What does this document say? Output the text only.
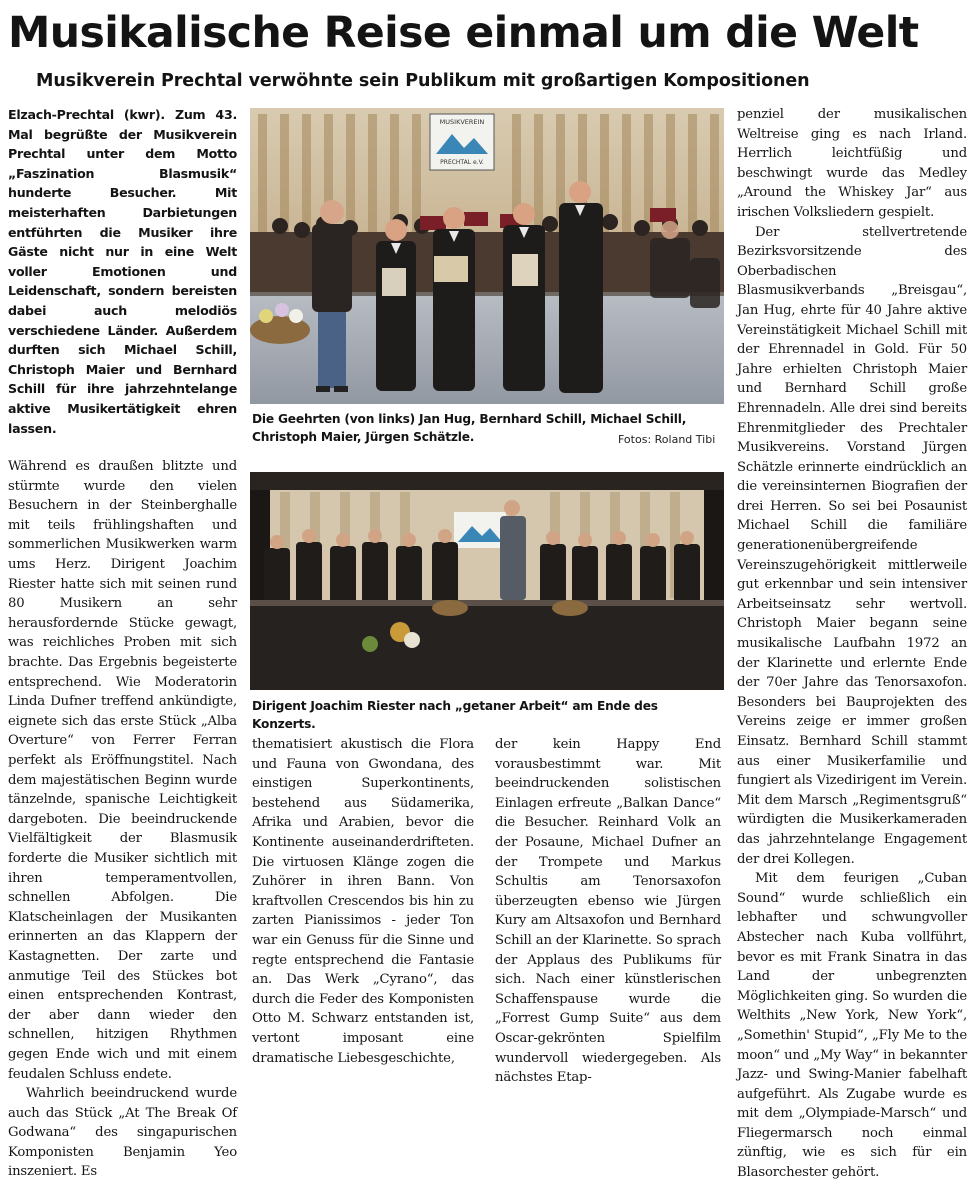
Musikalische Reise einmal um die Welt
Musikverein Prechtal verwöhnte sein Publikum mit großartigen Kompositionen

Elzach-Prechtal (kwr). Zum 43. Mal begrüßte der Musikverein Prechtal unter dem Motto „Faszination Blasmusik“ hunderte Besucher. Mit meisterhaften Darbietungen entführten die Musiker ihre Gäste nicht nur in eine Welt voller Emotionen und Leidenschaft, sondern bereisten dabei auch melodiös verschiedene Länder. Außerdem durften sich Michael Schill, Christoph Maier und Bernhard Schill für ihre jahrzehntelange aktive Musikertätigkeit ehren lassen.

Während es draußen blitzte und stürmte wurde den vielen Besuchern in der Steinberghalle mit teils frühlingshaften und sommerlichen Musikwerken warm ums Herz. Dirigent Joachim Riester hatte sich mit seinen rund 80 Musikern an sehr herausfordernde Stücke gewagt, was reichliches Proben mit sich brachte. Das Ergebnis begeisterte entsprechend. Wie Moderatorin Linda Dufner treffend ankündigte, eignete sich das erste Stück „Alba Overture“ von Ferrer Ferran perfekt als Eröffnungstitel. Nach dem majestätischen Beginn wurde tänzelnde, spanische Leichtigkeit dargeboten. Die beeindruckende Vielfältigkeit der Blasmusik forderte die Musiker sichtlich mit ihren temperamentvollen, schnellen Abfolgen. Die Klatscheinlagen der Musikanten erinnerten an das Klappern der Kastagnetten. Der zarte und anmutige Teil des Stückes bot einen entsprechenden Kontrast, der aber dann wieder den schnellen, hitzigen Rhythmen gegen Ende wich und mit einem feudalen Schluss endete.

Wahrlich beeindruckend wurde auch das Stück „At The Break Of Godwana“ des singapurischen Komponisten Benjamin Yeo inszeniert. Es

MUSIKVEREIN
PRECHTAL e.V.

Die Geehrten (von links) Jan Hug, Bernhard Schill, Michael Schill, Christoph Maier, Jürgen Schätzle.	Fotos: Roland Tibi

Dirigent Joachim Riester nach „getaner Arbeit“ am Ende des Konzerts.

thematisiert akustisch die Flora und Fauna von Gwondana, des einstigen Superkontinents, bestehend aus Südamerika, Afrika und Arabien, bevor die Kontinente auseinanderdrifteten. Die virtuosen Klänge zogen die Zuhörer in ihren Bann. Von kraftvollen Crescendos bis hin zu zarten Pianissimos - jeder Ton war ein Genuss für die Sinne und regte entsprechend die Fantasie an. Das Werk „Cyrano“, das durch die Feder des Komponisten Otto M. Schwarz entstanden ist, vertont imposant eine dramatische Liebesgeschichte,

der kein Happy End vorausbestimmt war. Mit beeindruckenden solistischen Einlagen erfreute „Balkan Dance“ die Besucher. Reinhard Volk an der Posaune, Michael Dufner an der Trompete und Markus Schultis am Tenorsaxofon überzeugten ebenso wie Jürgen Kury am Altsaxofon und Bernhard Schill an der Klarinette. So sprach der Applaus des Publikums für sich. Nach einer künstlerischen Schaffenspause wurde die „Forrest Gump Suite“ aus dem Oscar-gekrönten Spielfilm wundervoll wiedergegeben. Als nächstes Etap-

penziel der musikalischen Weltreise ging es nach Irland. Herrlich leichtfüßig und beschwingt wurde das Medley „Around the Whiskey Jar“ aus irischen Volksliedern gespielt.

Der stellvertretende Bezirksvorsitzende des Oberbadischen Blasmusikverbands „Breisgau“, Jan Hug, ehrte für 40 Jahre aktive Vereinstätigkeit Michael Schill mit der Ehrennadel in Gold. Für 50 Jahre erhielten Christoph Maier und Bernhard Schill große Ehrennadeln. Alle drei sind bereits Ehrenmitglieder des Prechtaler Musikvereins. Vorstand Jürgen Schätzle erinnerte eindrücklich an die vereinsinternen Biografien der drei Herren. So sei bei Posaunist Michael Schill die familiäre generationenübergreifende Vereinszugehörigkeit mittlerweile gut erkennbar und sein intensiver Arbeitseinsatz sehr wertvoll. Christoph Maier begann seine musikalische Laufbahn 1972 an der Klarinette und erlernte Ende der 70er Jahre das Tenorsaxofon. Besonders bei Bauprojekten des Vereins zeige er immer großen Einsatz. Bernhard Schill stammt aus einer Musikerfamilie und fungiert als Vizedirigent im Verein. Mit dem Marsch „Regimentsgruß“ würdigten die Musikerkameraden das jahrzehntelange Engagement der drei Kollegen.

Mit dem feurigen „Cuban Sound“ wurde schließlich ein lebhafter und schwungvoller Abstecher nach Kuba vollführt, bevor es mit Frank Sinatra in das Land der unbegrenzten Möglichkeiten ging. So wurden die Welthits „New York, New York“, „Somethin' Stupid“, „Fly Me to the moon“ und „My Way“ in bekannter Jazz- und Swing-Manier fabelhaft aufgeführt. Als Zugabe wurde es mit dem „Olympiade-Marsch“ und Fliegermarsch noch einmal zünftig, wie es sich für ein Blasorchester gehört.
